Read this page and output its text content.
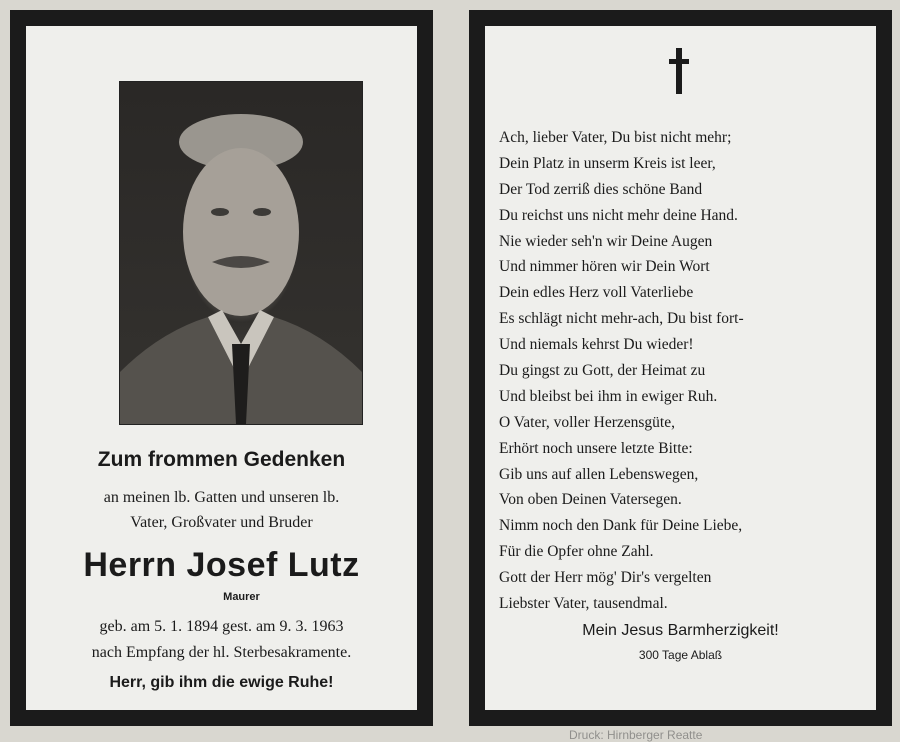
Zum frommen Gedenken
an meinen lb. Gatten und unseren lb.
Vater, Großvater und Bruder
Herrn Josef Lutz
Maurer
geb. am 5. 1. 1894 gest. am 9. 3. 1963
nach Empfang der hl. Sterbesakramente.
Herr, gib ihm die ewige Ruhe!
Ach, lieber Vater, Du bist nicht mehr;
Dein Platz in unserm Kreis ist leer,
Der Tod zerriß dies schöne Band
Du reichst uns nicht mehr deine Hand.
Nie wieder seh'n wir Deine Augen
Und nimmer hören wir Dein Wort
Dein edles Herz voll Vaterliebe
Es schlägt nicht mehr-ach, Du bist fort-
Und niemals kehrst Du wieder!
Du gingst zu Gott, der Heimat zu
Und bleibst bei ihm in ewiger Ruh.
O Vater, voller Herzensgüte,
Erhört noch unsere letzte Bitte:
Gib uns auf allen Lebenswegen,
Von oben Deinen Vatersegen.
Nimm noch den Dank für Deine Liebe,
Für die Opfer ohne Zahl.
Gott der Herr mög' Dir's vergelten
Liebster Vater, tausendmal.
Mein Jesus Barmherzigkeit!
300 Tage Ablaß
Druck: Hirnberger Reatte
